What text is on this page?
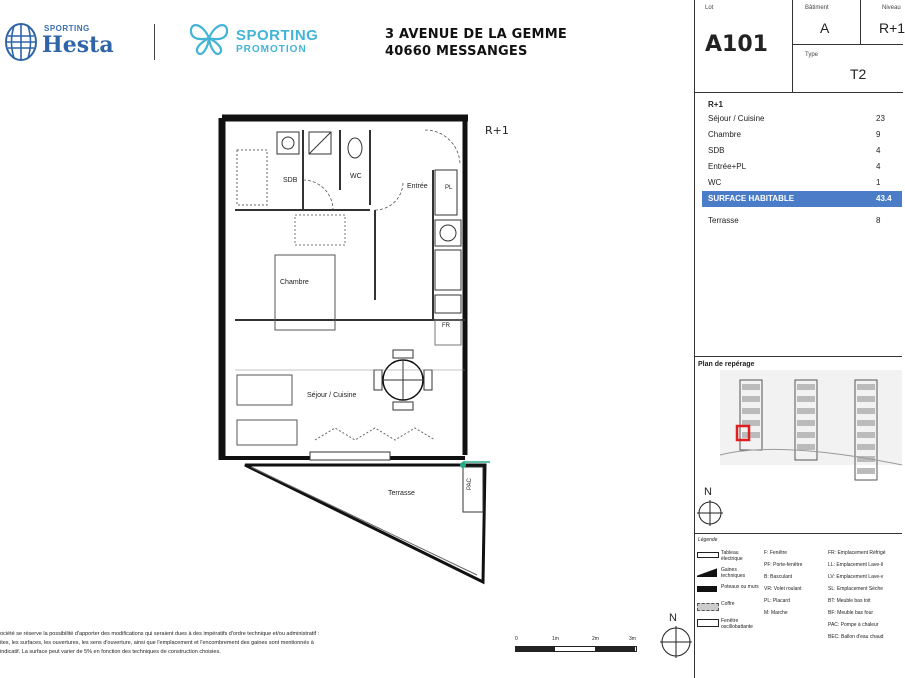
SPORTING
Hesta	SPORTING
PROMOTION
3 AVENUE DE LA GEMME
40660 MESSANGES
R+1
SDB
WC
Entrée	PL
Chambre
FR
Séjour / Cuisine
Terrasse
PAC
ociété se réserve la possibilité d'apporter des modifications qui seraient dues à des impératifs d'ordre technique et/ou administratif :
ites, les surfaces, les ouvertures, les sens d'ouverture, ainsi que l'emplacement et l'encombrement des gaines sont mentionnés à
indicatif. La surface peut varier de 5% en fonction des techniques de construction choisies.
0	1m	2m	3m
N
Lot
A101
Bâtiment
A
Niveau
R+1
Type
T2
R+1
Séjour / Cuisine	23
Chambre	9
SDB	4
Entrée+PL	4
WC	1
SURFACE HABITABLE	43.4
Terrasse	8
Plan de repérage
N
Légende
Tableau électrique
Gaines techniques
Poteaux ou murs
Coffre
Fenêtre oscillobattante
F: Fenêtre
PF: Porte-fenêtre
B: Basculant
VR: Volet roulant
PL: Placard
M: Marche
FR: Emplacement Réfrigé
LL: Emplacement Lave-li
LV: Emplacement Lave-v
SL: Emplacement Séche
BT: Meuble bas toit
BF: Meuble bas four
PAC: Pompe à chaleur
BEC: Ballon d'eau chaud
